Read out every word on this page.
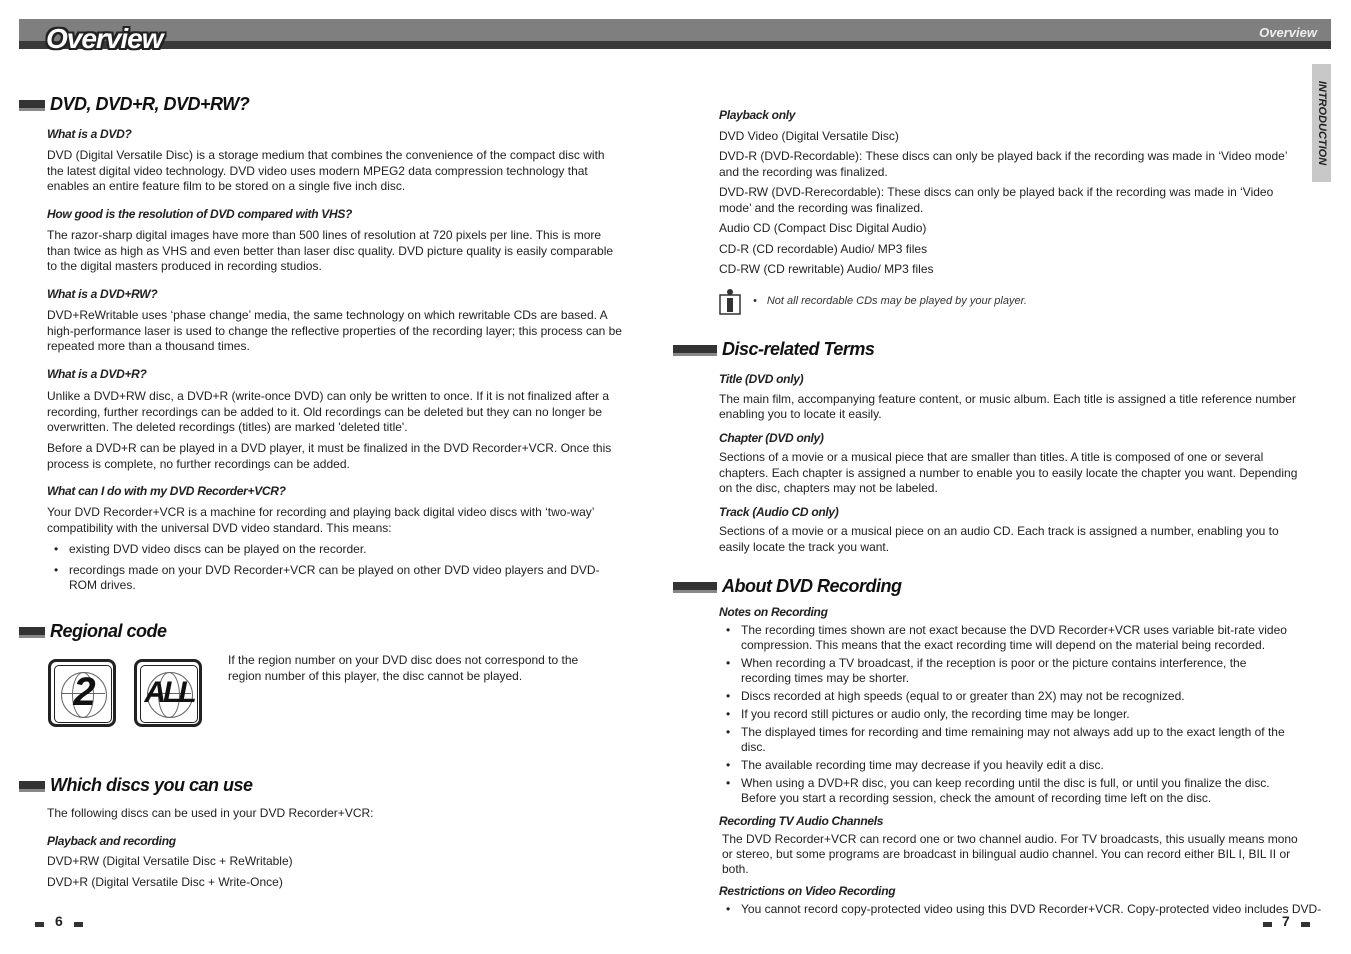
Overview	Overview
INTRODUCTION
DVD, DVD+R, DVD+RW?

What is a DVD?

DVD (Digital Versatile Disc) is a storage medium that combines the convenience of the compact disc with the latest digital video technology. DVD video uses modern MPEG2 data compression technology that enables an entire feature film to be stored on a single five inch disc.

How good is the resolution of DVD compared with VHS?

The razor-sharp digital images have more than 500 lines of resolution at 720 pixels per line. This is more than twice as high as VHS and even better than laser disc quality. DVD picture quality is easily comparable to the digital masters produced in recording studios.

What is a DVD+RW?

DVD+ReWritable uses ‘phase change’ media, the same technology on which rewritable CDs are based. A high-performance laser is used to change the reflective properties of the recording layer; this process can be repeated more than a thousand times.

What is a DVD+R?

Unlike a DVD+RW disc, a DVD+R (write-once DVD) can only be written to once. If it is not finalized after a recording, further recordings can be added to it. Old recordings can be deleted but they can no longer be overwritten. The deleted recordings (titles) are marked 'deleted title'.

Before a DVD+R can be played in a DVD player, it must be finalized in the DVD Recorder+VCR. Once this process is complete, no further recordings can be added.

What can I do with my DVD Recorder+VCR?

Your DVD Recorder+VCR is a machine for recording and playing back digital video discs with ‘two-way’ compatibility with the universal DVD video standard. This means:

• existing DVD video discs can be played on the recorder.
• recordings made on your DVD Recorder+VCR can be played on other DVD video players and DVD-ROM drives.
Regional code
2	ALL

If the region number on your DVD disc does not correspond to the region number of this player, the disc cannot be played.

Which discs you can use

The following discs can be used in your DVD Recorder+VCR:

Playback and recording

DVD+RW (Digital Versatile Disc + ReWritable)

DVD+R (Digital Versatile Disc + Write-Once)

6

Playback only

DVD Video (Digital Versatile Disc)

DVD-R (DVD-Recordable): These discs can only be played back if the recording was made in ‘Video mode’ and the recording was finalized.

DVD-RW (DVD-Rerecordable): These discs can only be played back if the recording was made in ‘Video mode’ and the recording was finalized.

Audio CD (Compact Disc Digital Audio)

CD-R (CD recordable) Audio/ MP3 files

CD-RW (CD rewritable) Audio/ MP3 files

• Not all recordable CDs may be played by your player.
Disc-related Terms

Title (DVD only)

The main film, accompanying feature content, or music album. Each title is assigned a title reference number enabling you to locate it easily.

Chapter (DVD only)

Sections of a movie or a musical piece that are smaller than titles. A title is composed of one or several chapters. Each chapter is assigned a number to enable you to easily locate the chapter you want. Depending on the disc, chapters may not be labeled.

Track (Audio CD only)

Sections of a movie or a musical piece on an audio CD. Each track is assigned a number, enabling you to easily locate the track you want.

About DVD Recording

Notes on Recording

• The recording times shown are not exact because the DVD Recorder+VCR uses variable bit-rate video compression. This means that the exact recording time will depend on the material being recorded.
• When recording a TV broadcast, if the reception is poor or the picture contains interference, the recording times may be shorter.
• Discs recorded at high speeds (equal to or greater than 2X) may not be recognized.
• If you record still pictures or audio only, the recording time may be longer.
• The displayed times for recording and time remaining may not always add up to the exact length of the disc.
• The available recording time may decrease if you heavily edit a disc.
• When using a DVD+R disc, you can keep recording until the disc is full, or until you finalize the disc. Before you start a recording session, check the amount of recording time left on the disc.

Recording TV Audio Channels

The DVD Recorder+VCR can record one or two channel audio. For TV broadcasts, this usually means mono or stereo, but some programs are broadcast in bilingual audio channel. You can record either BIL I, BIL II or both.

Restrictions on Video Recording

• You cannot record copy-protected video using this DVD Recorder+VCR. Copy-protected video includes DVD-
7
